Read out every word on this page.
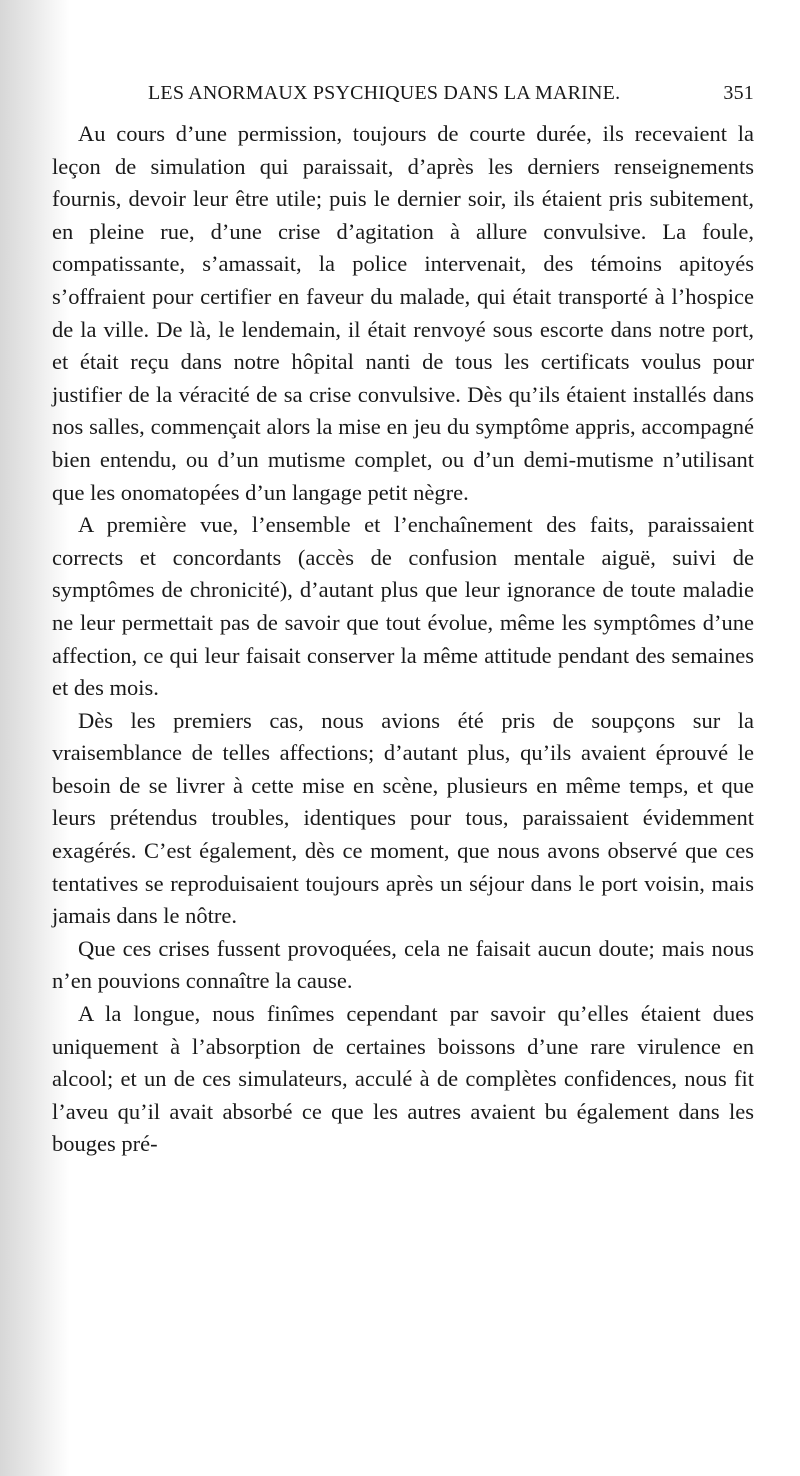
LES ANORMAUX PSYCHIQUES DANS LA MARINE.	351

Au cours d’une permission, toujours de courte durée, ils recevaient la leçon de simulation qui paraissait, d’après les derniers renseignements fournis, devoir leur être utile; puis le dernier soir, ils étaient pris subitement, en pleine rue, d’une crise d’agitation à allure convulsive. La foule, compatissante, s’amassait, la police intervenait, des témoins apitoyés s’offraient pour certifier en faveur du malade, qui était transporté à l’hospice de la ville. De là, le lendemain, il était renvoyé sous escorte dans notre port, et était reçu dans notre hôpital nanti de tous les certificats voulus pour justifier de la véracité de sa crise convulsive. Dès qu’ils étaient installés dans nos salles, commençait alors la mise en jeu du symptôme appris, accompagné bien entendu, ou d’un mutisme complet, ou d’un demi-mutisme n’utilisant que les onomatopées d’un langage petit nègre.

A première vue, l’ensemble et l’enchaînement des faits, paraissaient corrects et concordants (accès de confusion mentale aiguë, suivi de symptômes de chronicité), d’autant plus que leur ignorance de toute maladie ne leur permettait pas de savoir que tout évolue, même les symptômes d’une affection, ce qui leur faisait conserver la même attitude pendant des semaines et des mois.

Dès les premiers cas, nous avions été pris de soupçons sur la vraisemblance de telles affections; d’autant plus, qu’ils avaient éprouvé le besoin de se livrer à cette mise en scène, plusieurs en même temps, et que leurs prétendus troubles, identiques pour tous, paraissaient évidemment exagérés. C’est également, dès ce moment, que nous avons observé que ces tentatives se reproduisaient toujours après un séjour dans le port voisin, mais jamais dans le nôtre.

Que ces crises fussent provoquées, cela ne faisait aucun doute; mais nous n’en pouvions connaître la cause.

A la longue, nous finîmes cependant par savoir qu’elles étaient dues uniquement à l’absorption de certaines boissons d’une rare virulence en alcool; et un de ces simulateurs, acculé à de complètes confidences, nous fit l’aveu qu’il avait absorbé ce que les autres avaient bu également dans les bouges pré-
